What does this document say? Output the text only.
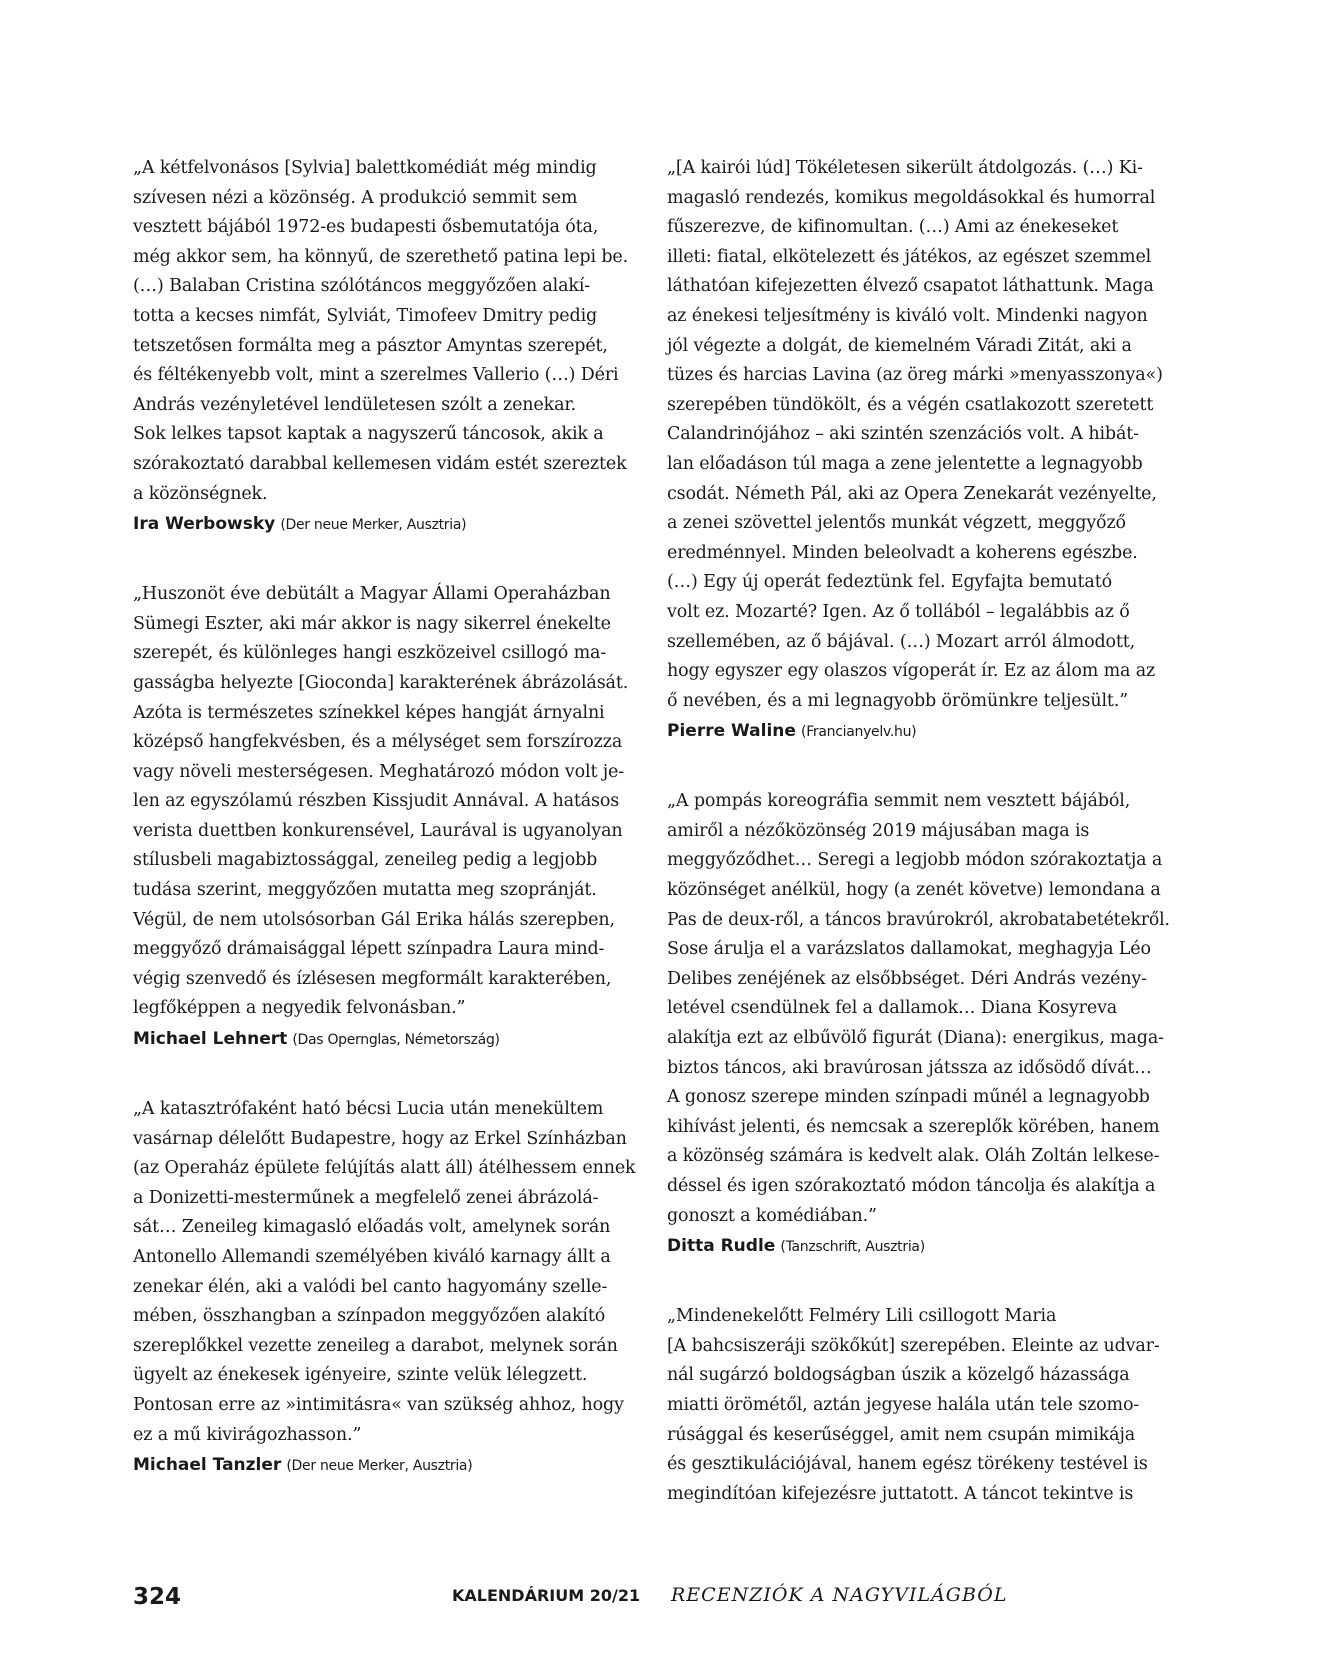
„A kétfelvonásos [Sylvia] balettkomédiát még mindig
szívesen nézi a közönség. A produkció semmit sem
vesztett bájából 1972-es budapesti ősbemutatója óta,
még akkor sem, ha könnyű, de szerethető patina lepi be.
(…) Balaban Cristina szólótáncos meggyőzően alakí-
totta a kecses nimfát, Sylviát, Timofeev Dmitry pedig
tetszetősen formálta meg a pásztor Amyntas szerepét,
és féltékenyebb volt, mint a szerelmes Vallerio (…) Déri
András vezényletével lendületesen szólt a zenekar.
Sok lelkes tapsot kaptak a nagyszerű táncosok, akik a
szórakoztató darabbal kellemesen vidám estét szereztek
a közönségnek.
Ira Werbowsky (Der neue Merker, Ausztria)
„Huszonöt éve debütált a Magyar Állami Operaházban
Sümegi Eszter, aki már akkor is nagy sikerrel énekelte
szerepét, és különleges hangi eszközeivel csillogó ma-
gasságba helyezte [Gioconda] karakterének ábrázolását.
Azóta is természetes színekkel képes hangját árnyalni
középső hangfekvésben, és a mélységet sem forszírozza
vagy növeli mesterségesen. Meghatározó módon volt je-
len az egyszólamú részben Kissjudit Annával. A hatásos
verista duettben konkurensével, Laurával is ugyanolyan
stílusbeli magabiztossággal, zeneileg pedig a legjobb
tudása szerint, meggyőzően mutatta meg szopránját.
Végül, de nem utolsósorban Gál Erika hálás szerepben,
meggyőző drámaisággal lépett színpadra Laura mind-
végig szenvedő és ízlésesen megformált karakterében,
legfőképpen a negyedik felvonásban.”
Michael Lehnert (Das Opernglas, Németország)
„A katasztrófaként ható bécsi Lucia után menekültem
vasárnap délelőtt Budapestre, hogy az Erkel Színházban
(az Operaház épülete felújítás alatt áll) átélhessem ennek
a Donizetti-mesterműnek a megfelelő zenei ábrázolá-
sát… Zeneileg kimagasló előadás volt, amelynek során
Antonello Allemandi személyében kiváló karnagy állt a
zenekar élén, aki a valódi bel canto hagyomány szelle-
mében, összhangban a színpadon meggyőzően alakító
szereplőkkel vezette zeneileg a darabot, melynek során
ügyelt az énekesek igényeire, szinte velük lélegzett.
Pontosan erre az »intimitásra« van szükség ahhoz, hogy
ez a mű kivirágozhasson.”
Michael Tanzler (Der neue Merker, Ausztria)
„[A kairói lúd] Tökéletesen sikerült átdolgozás. (…) Ki-
magasló rendezés, komikus megoldásokkal és humorral
fűszerezve, de kifinomultan. (…) Ami az énekeseket
illeti: fiatal, elkötelezett és játékos, az egészet szemmel
láthatóan kifejezetten élvező csapatot láthattunk. Maga
az énekesi teljesítmény is kiváló volt. Mindenki nagyon
jól végezte a dolgát, de kiemelném Váradi Zitát, aki a
tüzes és harcias Lavina (az öreg márki »menyasszonya«)
szerepében tündökölt, és a végén csatlakozott szeretett
Calandrinójához – aki szintén szenzációs volt. A hibát-
lan előadáson túl maga a zene jelentette a legnagyobb
csodát. Németh Pál, aki az Opera Zenekarát vezényelte,
a zenei szövettel jelentős munkát végzett, meggyőző
eredménnyel. Minden beleolvadt a koherens egészbe.
(…) Egy új operát fedeztünk fel. Egyfajta bemutató
volt ez. Mozarté? Igen. Az ő tollából – legalábbis az ő
szellemében, az ő bájával. (…) Mozart arról álmodott,
hogy egyszer egy olaszos vígoperát ír. Ez az álom ma az
ő nevében, és a mi legnagyobb örömünkre teljesült.”
Pierre Waline (Francianyelv.hu)
„A pompás koreográfia semmit nem vesztett bájából,
amiről a nézőközönség 2019 májusában maga is
meggyőződhet… Seregi a legjobb módon szórakoztatja a
közönséget anélkül, hogy (a zenét követve) lemondana a
Pas de deux-ről, a táncos bravúrokról, akrobatabetétekről.
Sose árulja el a varázslatos dallamokat, meghagyja Léo
Delibes zenéjének az elsőbbséget. Déri András vezény-
letével csendülnek fel a dallamok… Diana Kosyreva
alakítja ezt az elbűvölő figurát (Diana): energikus, maga-
biztos táncos, aki bravúrosan játssza az idősödő dívát…
A gonosz szerepe minden színpadi műnél a legnagyobb
kihívást jelenti, és nemcsak a szereplők körében, hanem
a közönség számára is kedvelt alak. Oláh Zoltán lelkese-
déssel és igen szórakoztató módon táncolja és alakítja a
gonoszt a komédiában.”
Ditta Rudle (Tanzschrift, Ausztria)
„Mindenekelőtt Felméry Lili csillogott Maria
[A bahcsiszeráji szökőkút] szerepében. Eleinte az udvar-
nál sugárzó boldogságban úszik a közelgő házassága
miatti örömétől, aztán jegyese halála után tele szomo-
rúsággal és keserűséggel, amit nem csupán mimikája
és gesztikulációjával, hanem egész törékeny testével is
megindítóan kifejezésre juttatott. A táncot tekintve is
324	KALENDÁRIUM 20/21 RECENZIÓK A NAGYVILÁGBÓL
